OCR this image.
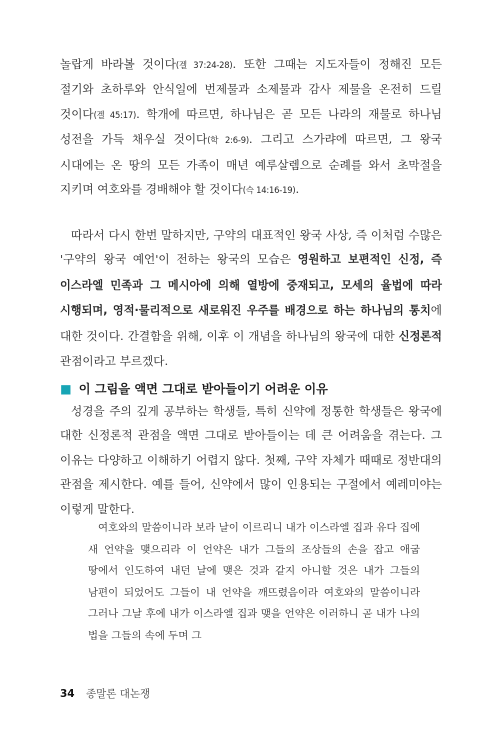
놀랍게 바라볼 것이다(겔 37:24-28). 또한 그때는 지도자들이 정해진 모든 절기와 초하루와 안식일에 번제물과 소제물과 감사 제물을 온전히 드릴 것이다(겔 45:17). 학개에 따르면, 하나님은 곧 모든 나라의 재물로 하나님 성전을 가득 채우실 것이다(학 2:6-9). 그리고 스가랴에 따르면, 그 왕국 시대에는 온 땅의 모든 가족이 매년 예루살렘으로 순례를 와서 초막절을 지키며 여호와를 경배해야 할 것이다(슥 14:16-19).

따라서 다시 한번 말하지만, 구약의 대표적인 왕국 사상, 즉 이처럼 수많은 '구약의 왕국 예언'이 전하는 왕국의 모습은 영원하고 보편적인 신정, 즉 이스라엘 민족과 그 메시아에 의해 열방에 중재되고, 모세의 율법에 따라 시행되며, 영적·물리적으로 새로워진 우주를 배경으로 하는 하나님의 통치에 대한 것이다. 간결함을 위해, 이후 이 개념을 하나님의 왕국에 대한 신정론적 관점이라고 부르겠다.

■ 이 그림을 액면 그대로 받아들이기 어려운 이유

성경을 주의 깊게 공부하는 학생들, 특히 신약에 정통한 학생들은 왕국에 대한 신정론적 관점을 액면 그대로 받아들이는 데 큰 어려움을 겪는다. 그 이유는 다양하고 이해하기 어렵지 않다. 첫째, 구약 자체가 때때로 정반대의 관점을 제시한다. 예를 들어, 신약에서 많이 인용되는 구절에서 예레미야는 이렇게 말한다.

여호와의 말씀이니라 보라 날이 이르리니 내가 이스라엘 집과 유다 집에 새 언약을 맺으리라 이 언약은 내가 그들의 조상들의 손을 잡고 애굽 땅에서 인도하여 내던 날에 맺은 것과 같지 아니할 것은 내가 그들의 남편이 되었어도 그들이 내 언약을 깨뜨렸음이라 여호와의 말씀이니라 그러나 그날 후에 내가 이스라엘 집과 맺을 언약은 이러하니 곧 내가 나의 법을 그들의 속에 두며 그

34 종말론 대논쟁
